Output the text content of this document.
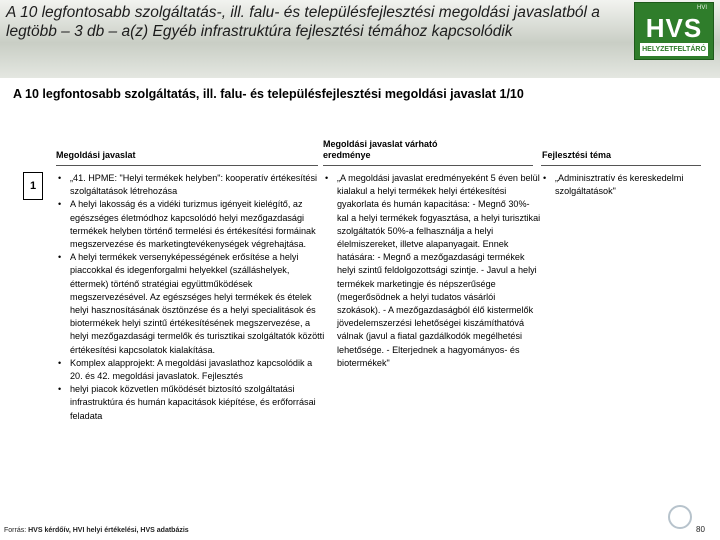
A 10 legfontosabb szolgáltatás-, ill. falu- és településfejlesztési megoldási javaslatból a legtöbb – 3 db – a(z) Egyéb infrastruktúra fejlesztési témához kapcsolódik
HVI
HVS
HELYZETFELTÁRÓ
A 10 legfontosabb szolgáltatás, ill. falu- és településfejlesztési megoldási javaslat 1/10
Megoldási javaslat
Megoldási javaslat várható eredménye	Fejlesztési téma
1
• „41. HPME: "Helyi termékek helyben": kooperatív értékesítési szolgáltatások létrehozása
• A helyi lakosság és a vidéki turizmus igényeit kielégítő, az egészséges életmódhoz kapcsolódó helyi mezőgazdasági termékek helyben történő termelési és értékesítési formáinak megszervezése és marketingtevékenységek végrehajtása.
• A helyi termékek versenyképességének erősítése a helyi piaccokkal és idegenforgalmi helyekkel (szálláshelyek, éttermek) történő stratégiai együttműködések megszervezésével. Az egészséges helyi termékek és ételek helyi hasznosításának ösztönzése és a helyi specialitások és biotermékek helyi szintű értékesítésének megszervezése, a helyi mezőgazdasági termelők és turisztikai szolgáltatók közötti értékesítési kapcsolatok kialakítása.
• Komplex alapprojekt: A megoldási javaslathoz kapcsolódik a 20. és 42. megoldási javaslatok. Fejlesztés
• helyi piacok közvetlen működését biztosító szolgáltatási infrastruktúra és humán kapacitások kiépítése, és erőforrásai feladata
• „A megoldási javaslat eredményeként 5 éven belül kialakul a helyi termékek helyi értékesítési gyakorlata és humán kapacitása: - Megnő 30%-kal a helyi termékek fogyasztása, a helyi turisztikai szolgáltatók 50%-a felhasználja a helyi élelmiszereket, illetve alapanyagait. Ennek hatására: - Megnő a mezőgazdasági termékek helyi szintű feldolgozottsági szintje. - Javul a helyi termékek marketingje és népszerűsége (megerősödnek a helyi tudatos vásárlói szokások). - A mezőgazdaságból élő kistermelők jövedelemszerzési lehetőségei kiszámíthatóvá válnak (javul a fiatal gazdálkodók megélhetési lehetősége. - Elterjednek a hagyományos- és biotermékek"
• „Adminisztratív és kereskedelmi szolgáltatások"
Forrás: HVS kérdőív, HVI helyi értékelési, HVS adatbázis	80
